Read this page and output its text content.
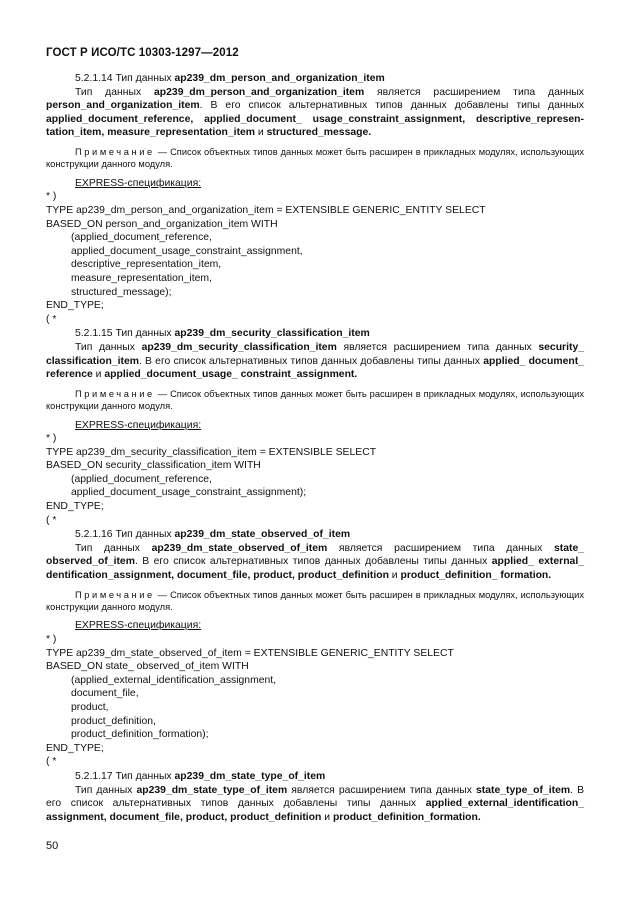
ГОСТ Р ИСО/ТС 10303-1297—2012

5.2.1.14 Тип данных ap239_dm_person_and_organization_item

Тип данных ap239_dm_person_and_organization_item является расширением типа данных person_and_organization_item. В его список альтернативных типов данных добавлены типы данных applied_document_reference, applied_document_ usage_constraint_assignment, descriptive_represen-tation_item, measure_representation_item и structured_message.

Примечание — Список объектных типов данных может быть расширен в прикладных модулях, использующих конструкции данного модуля.

EXPRESS-спецификация:

* )

TYPE ap239_dm_person_and_organization_item = EXTENSIBLE GENERIC_ENTITY SELECT

BASED_ON person_and_organization_item WITH

(applied_document_reference,

applied_document_usage_constraint_assignment,

descriptive_representation_item,

measure_representation_item,

structured_message);

END_TYPE;

( *

5.2.1.15 Тип данных ap239_dm_security_classification_item

Тип данных ap239_dm_security_classification_item является расширением типа данных security_ classification_item. В его список альтернативных типов данных добавлены типы данных applied_ document_ reference и applied_document_usage_ constraint_assignment.

Примечание — Список объектных типов данных может быть расширен в прикладных модулях, использующих конструкции данного модуля.

EXPRESS-спецификация:

* )

TYPE ap239_dm_security_classification_item = EXTENSIBLE SELECT

BASED_ON security_classification_item WITH

(applied_document_reference,

applied_document_usage_constraint_assignment);

END_TYPE;

( *

5.2.1.16 Тип данных ap239_dm_state_observed_of_item

Тип данных ap239_dm_state_observed_of_item является расширением типа данных state_ observed_of_item. В его список альтернативных типов данных добавлены типы данных applied_ external_ dentification_assignment, document_file, product, product_definition и product_definition_ formation.

Примечание — Список объектных типов данных может быть расширен в прикладных модулях, использующих конструкции данного модуля.

EXPRESS-спецификация:

* )

TYPE ap239_dm_state_observed_of_item = EXTENSIBLE GENERIC_ENTITY SELECT

BASED_ON state_ observed_of_item WITH

(applied_external_identification_assignment,

document_file,

product,

product_definition,

product_definition_formation);

END_TYPE;

( *

5.2.1.17 Тип данных ap239_dm_state_type_of_item

Тип данных ap239_dm_state_type_of_item является расширением типа данных state_type_of_item. В его список альтернативных типов данных добавлены типы данных applied_external_identification_ assignment, document_file, product, product_definition и product_definition_formation.

50
